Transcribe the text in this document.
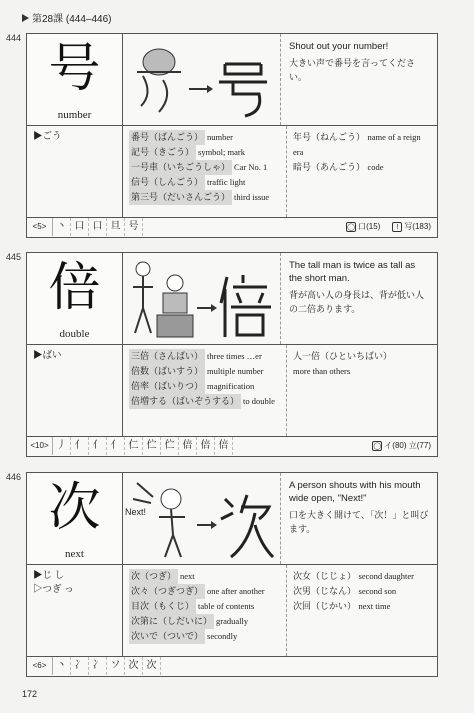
第28課 (444–446)
444
号
number
Shout out your number!
大きい声で番号を言ってください。
▶ごう	番号（ばんごう） number
記号（きごう） symbol; mark
一号車（いちごうしゃ） Car No. 1
信号（しんごう） traffic light
第三号（だいさんごう） third issue
年号（ねんごう） name of a reign era
暗号（あんごう） code
<5>	丶 口 口 旦 号	◯ 口(15)	! 写(183)
445
倍
double
The tall man is twice as tall as the short man.
背が高い人の身長は、背が低い人の二倍あります。
▶ばい	三倍（さんばい） three times …er
倍数（ばいすう） multiple number
倍率（ばいりつ） magnification
倍増する（ばいぞうする） to double
人一倍（ひといちばい）
more than others
<10> 丿 亻 亻 亻 仁 伫 伫 倍 倍 倍	◯ イ(80) 立(77)
446
次
next
Next!
A person shouts with his mouth wide open, "Next!"
口を大きく開けて、「次！」と叫びます。
▶じ し
▷つぎ っ
次（つぎ） next
次々（つぎつぎ） one after another
目次（もくじ） table of contents
次第に（しだいに） gradually
次いで（ついで） secondly
次女（じじょ） second daughter
次男（じなん） second son
次回（じかい） next time
<6>	丶 冫 冫 ソ 次 次
172
